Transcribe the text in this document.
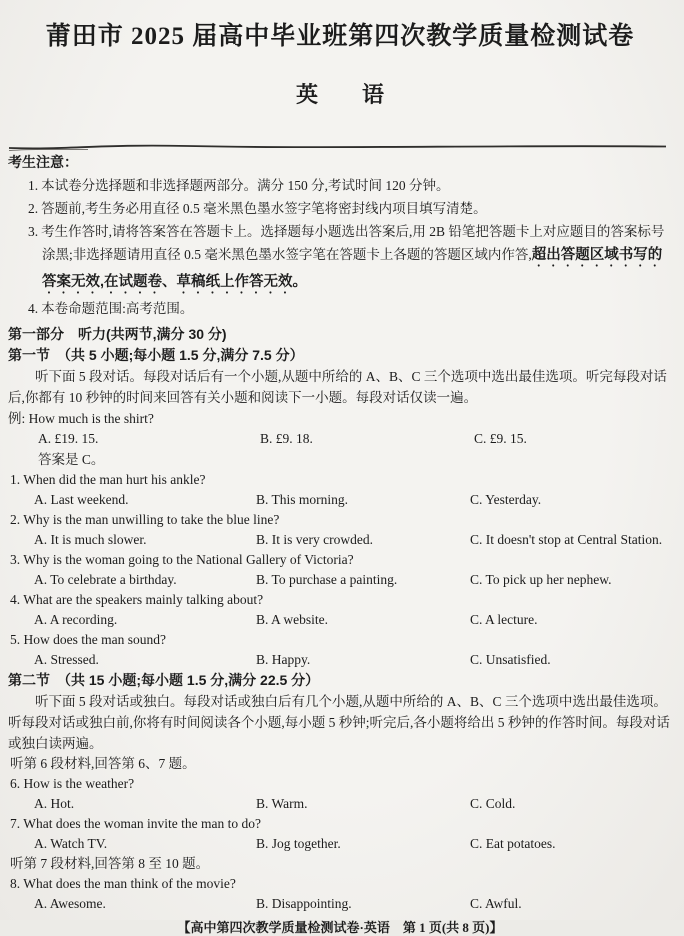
莆田市 2025 届高中毕业班第四次教学质量检测试卷
英　　语
考生注意：
1. 本试卷分选择题和非选择题两部分。满分 150 分,考试时间 120 分钟。
2. 答题前,考生务必用直径 0.5 毫米黑色墨水签字笔将密封线内项目填写清楚。
3. 考生作答时,请将答案答在答题卡上。选择题每小题选出答案后,用 2B 铅笔把答题卡上对应题目的答案标号涂黑;非选择题请用直径 0.5 毫米黑色墨水签字笔在答题卡上各题的答题区域内作答,超出答题区域书写的答案无效,在试题卷、草稿纸上作答无效。
4. 本卷命题范围:高考范围。
第一部分　听力(共两节,满分 30 分)
第一节　（共 5 小题;每小题 1.5 分,满分 7.5 分）
听下面 5 段对话。每段对话后有一个小题,从题中所给的 A、B、C 三个选项中选出最佳选项。听完每段对话后,你都有 10 秒钟的时间来回答有关小题和阅读下一小题。每段对话仅读一遍。
例: How much is the shirt?
A. £19. 15.	B. £9. 18.	C. £9. 15.
答案是 C。
1. When did the man hurt his ankle?
A. Last weekend.	B. This morning.	C. Yesterday.
2. Why is the man unwilling to take the blue line?
A. It is much slower.	B. It is very crowded.	C. It doesn't stop at Central Station.
3. Why is the woman going to the National Gallery of Victoria?
A. To celebrate a birthday.	B. To purchase a painting.	C. To pick up her nephew.
4. What are the speakers mainly talking about?
A. A recording.	B. A website.	C. A lecture.
5. How does the man sound?
A. Stressed.	B. Happy.	C. Unsatisfied.
第二节　（共 15 小题;每小题 1.5 分,满分 22.5 分）
听下面 5 段对话或独白。每段对话或独白后有几个小题,从题中所给的 A、B、C 三个选项中选出最佳选项。听每段对话或独白前,你将有时间阅读各个小题,每小题 5 秒钟;听完后,各小题将给出 5 秒钟的作答时间。每段对话或独白读两遍。
听第 6 段材料,回答第 6、7 题。
6. How is the weather?
A. Hot.	B. Warm.	C. Cold.
7. What does the woman invite the man to do?
A. Watch TV.	B. Jog together.	C. Eat potatoes.
听第 7 段材料,回答第 8 至 10 题。
8. What does the man think of the movie?
A. Awesome.	B. Disappointing.	C. Awful.
【高中第四次教学质量检测试卷·英语　第 1 页(共 8 页)】
